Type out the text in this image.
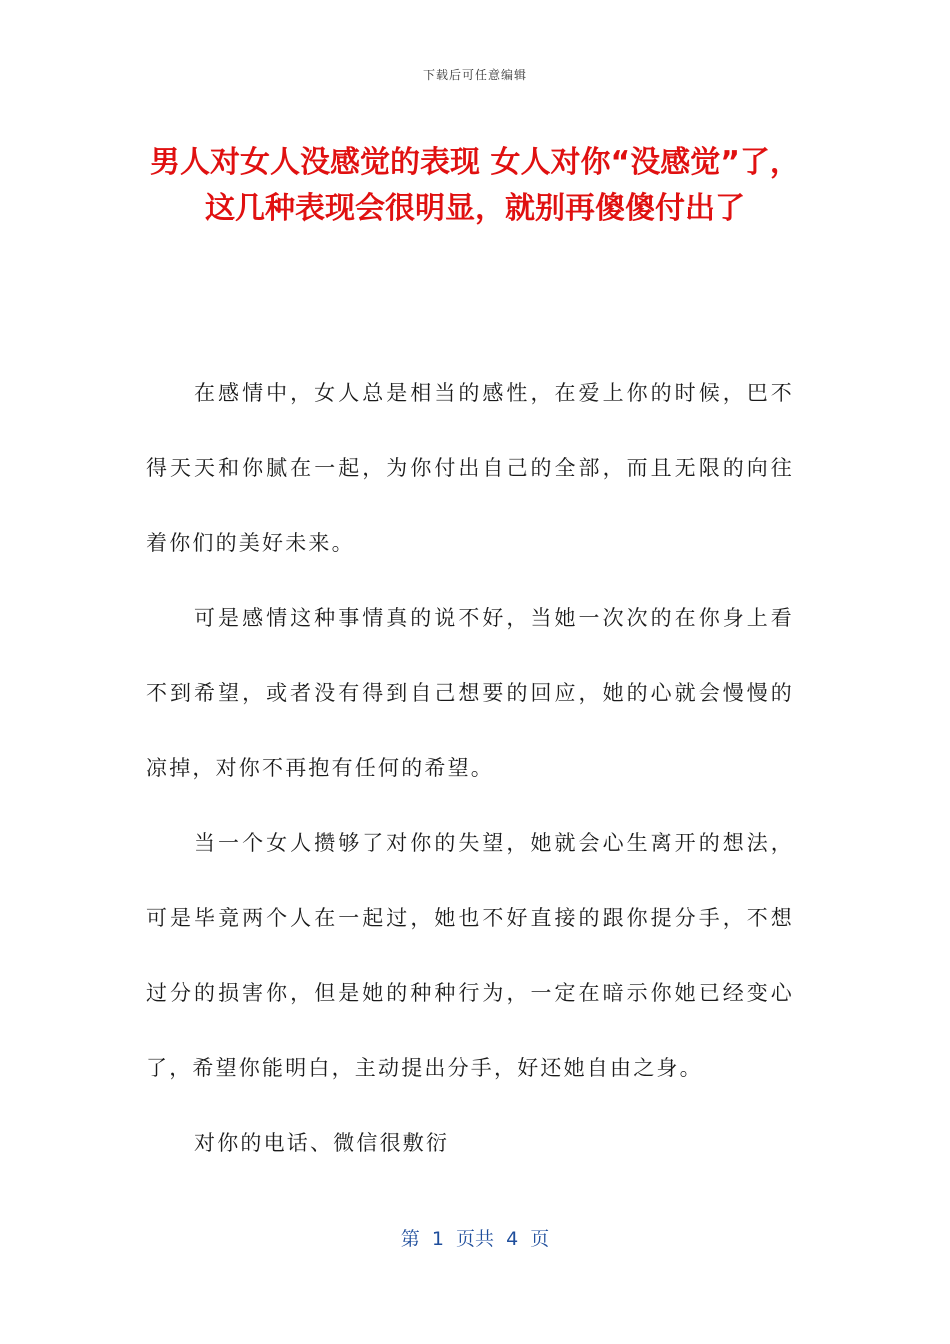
下载后可任意编辑
男人对女人没感觉的表现 女人对你“没感觉”了，这几种表现会很明显，就别再傻傻付出了

在感情中，女人总是相当的感性，在爱上你的时候，巴不得天天和你腻在一起，为你付出自己的全部，而且无限的向往着你们的美好未来。

可是感情这种事情真的说不好，当她一次次的在你身上看不到希望，或者没有得到自己想要的回应，她的心就会慢慢的凉掉，对你不再抱有任何的希望。

当一个女人攒够了对你的失望，她就会心生离开的想法，可是毕竟两个人在一起过，她也不好直接的跟你提分手，不想过分的损害你，但是她的种种行为，一定在暗示你她已经变心了，希望你能明白，主动提出分手，好还她自由之身。

对你的电话、微信很敷衍

第  1  页共  4  页
